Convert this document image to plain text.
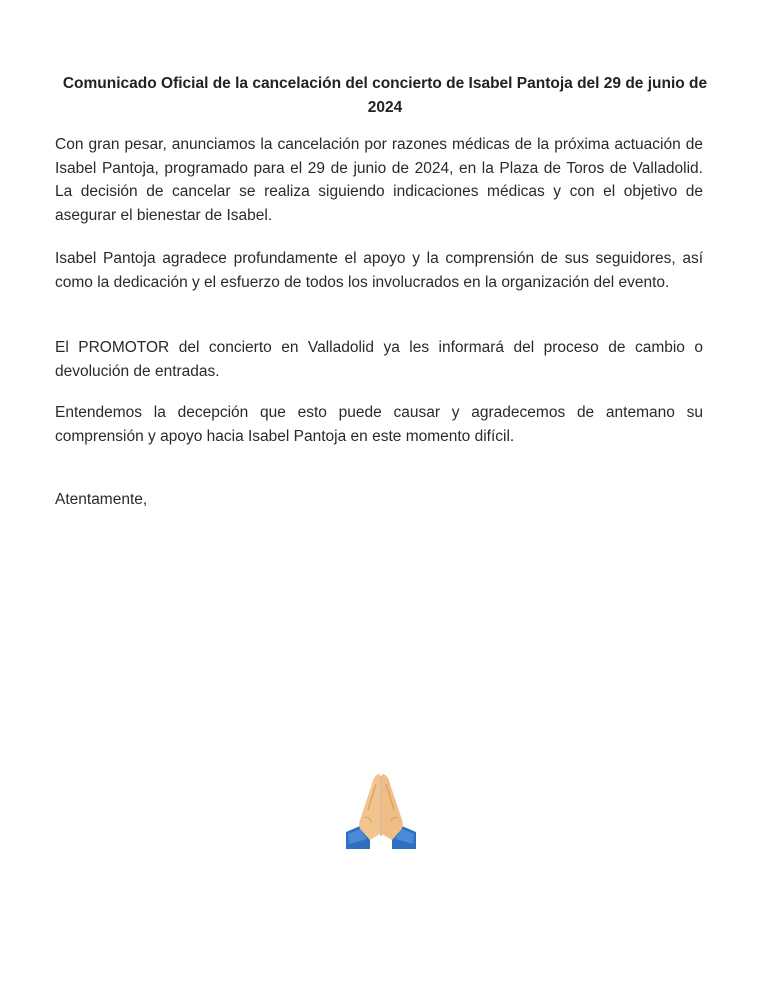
Comunicado Oficial de la cancelación del concierto de Isabel Pantoja del 29 de junio de 2024

Con gran pesar, anunciamos la cancelación por razones médicas de la próxima actuación de Isabel Pantoja, programado para el 29 de junio de 2024, en la Plaza de Toros de Valladolid. La decisión de cancelar se realiza siguiendo indicaciones médicas y con el objetivo de asegurar el bienestar de Isabel.

Isabel Pantoja agradece profundamente el apoyo y la comprensión de sus seguidores, así como la dedicación y el esfuerzo de todos los involucrados en la organización del evento.

El PROMOTOR del concierto en Valladolid ya les informará del proceso de cambio o devolución de entradas.

Entendemos la decepción que esto puede causar y agradecemos de antemano su comprensión y apoyo hacia Isabel Pantoja en este momento difícil.

Atentamente,
